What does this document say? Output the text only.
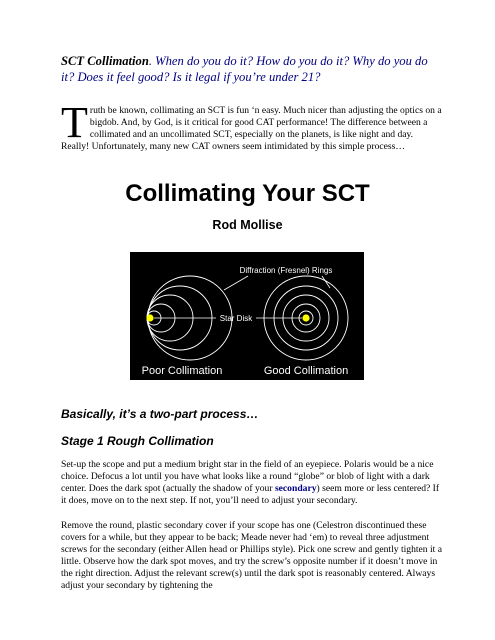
SCT Collimation. When do you do it? How do you do it? Why do you do it? Does it feel good? Is it legal if you’re under 21?
Truth be known, collimating an SCT is fun ‘n easy. Much nicer than adjusting the optics on a bigdob. And, by God, is it critical for good CAT performance! The difference between a collimated and an uncollimated SCT, especially on the planets, is like night and day. Really! Unfortunately, many new CAT owners seem intimidated by this simple process…
Collimating Your SCT
Rod Mollise
Diffraction (Fresnel) Rings
Star Disk
Poor Collimation	Good Collimation
Basically, it’s a two-part process…
Stage 1 Rough Collimation
Set-up the scope and put a medium bright star in the field of an eyepiece. Polaris would be a nice choice. Defocus a lot until you have what looks like a round “globe” or blob of light with a dark center. Does the dark spot (actually the shadow of your secondary) seem more or less centered? If it does, move on to the next step. If not, you’ll need to adjust your secondary.
Remove the round, plastic secondary cover if your scope has one (Celestron discontinued these covers for a while, but they appear to be back; Meade never had ‘em) to reveal three adjustment screws for the secondary (either Allen head or Phillips style). Pick one screw and gently tighten it a little. Observe how the dark spot moves, and try the screw’s opposite number if it doesn’t move in the right direction. Adjust the relevant screw(s) until the dark spot is reasonably centered. Always adjust your secondary by tightening the
